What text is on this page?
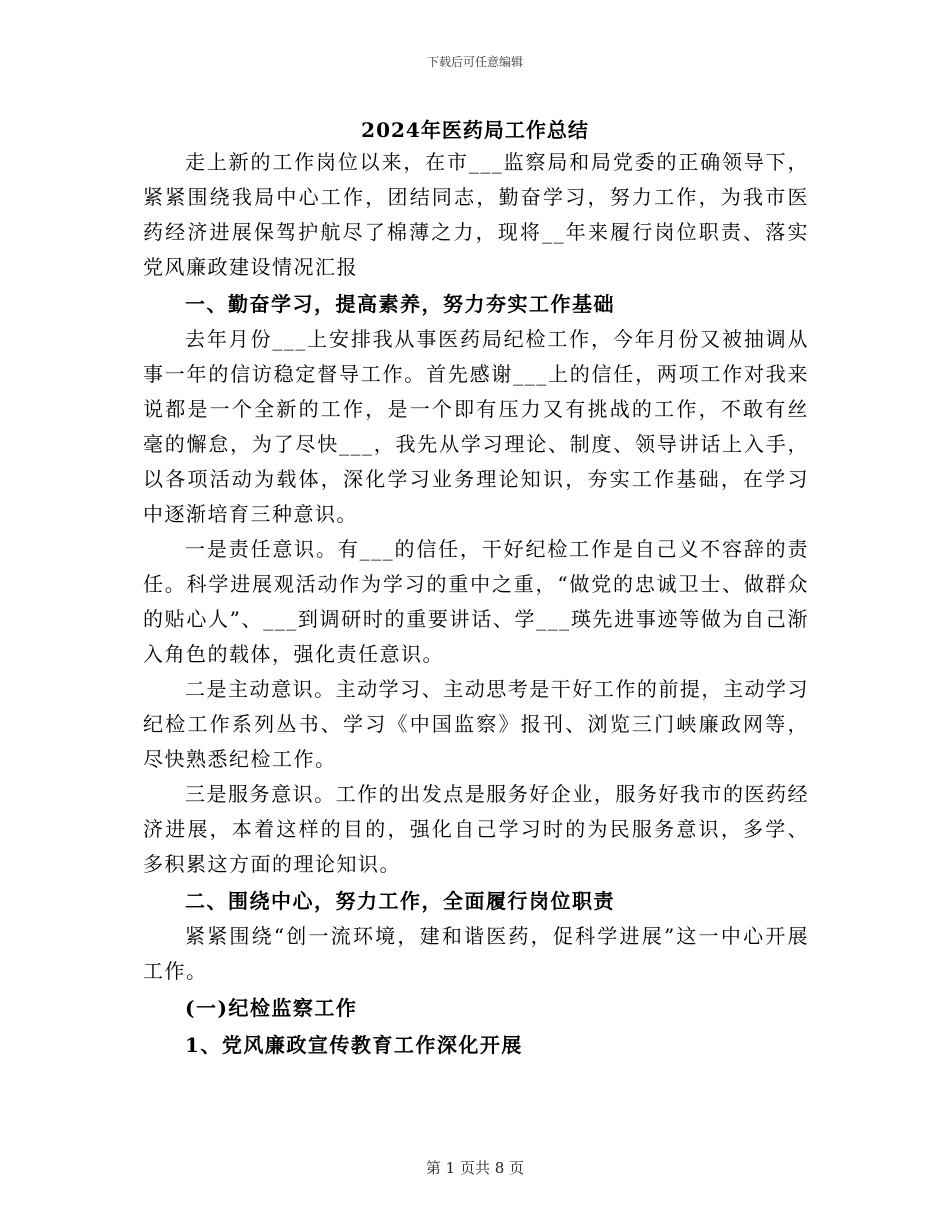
下载后可任意编辑
2024年医药局工作总结

走上新的工作岗位以来，在市___监察局和局党委的正确领导下，紧紧围绕我局中心工作，团结同志，勤奋学习，努力工作，为我市医药经济进展保驾护航尽了棉薄之力，现将__年来履行岗位职责、落实党风廉政建设情况汇报

一、勤奋学习，提高素养，努力夯实工作基础

去年月份___上安排我从事医药局纪检工作，今年月份又被抽调从事一年的信访稳定督导工作。首先感谢___上的信任，两项工作对我来说都是一个全新的工作，是一个即有压力又有挑战的工作，不敢有丝毫的懈怠，为了尽快___，我先从学习理论、制度、领导讲话上入手，以各项活动为载体，深化学习业务理论知识，夯实工作基础，在学习中逐渐培育三种意识。

一是责任意识。有___的信任，干好纪检工作是自己义不容辞的责任。科学进展观活动作为学习的重中之重，“做党的忠诚卫士、做群众的贴心人”、___到调研时的重要讲话、学___瑛先进事迹等做为自己渐入角色的载体，强化责任意识。

二是主动意识。主动学习、主动思考是干好工作的前提，主动学习纪检工作系列丛书、学习《中国监察》报刊、浏览三门峡廉政网等，尽快熟悉纪检工作。

三是服务意识。工作的出发点是服务好企业，服务好我市的医药经济进展，本着这样的目的，强化自己学习时的为民服务意识，多学、多积累这方面的理论知识。

二、围绕中心，努力工作，全面履行岗位职责

紧紧围绕“创一流环境，建和谐医药，促科学进展”这一中心开展工作。

(一)纪检监察工作
1、党风廉政宣传教育工作深化开展
第 1 页共 8 页
